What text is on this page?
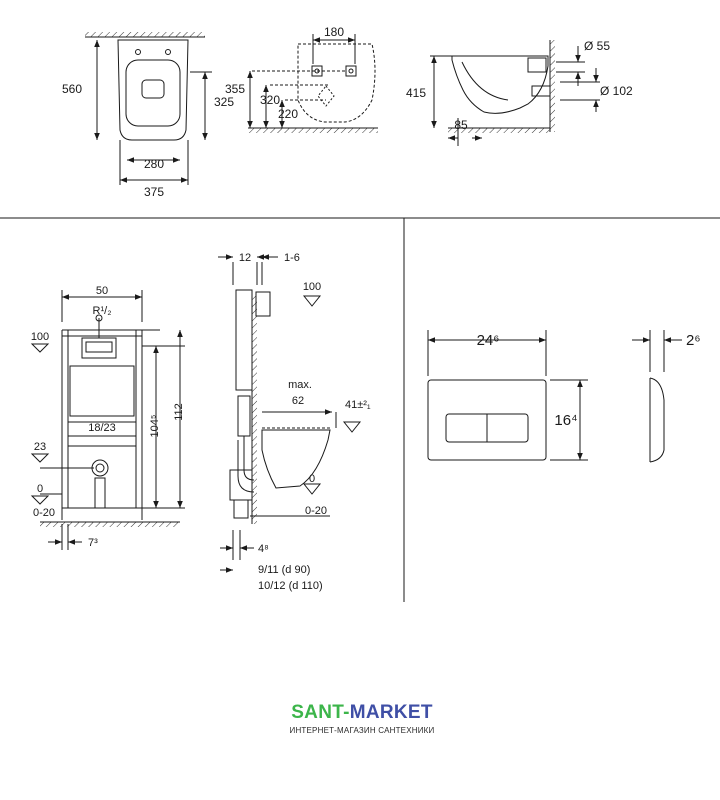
560
325
280
375
180
355
320
220
415
Ø 55
Ø 102
85
50
R¹/₂
100
112
104⁵
18/23
23
0
0-20
7³
12	1-6
100
max.
62	41±²₁
0
0-20
4⁸
9/11 (d 90)
10/12 (d 110)
24⁶
16⁴
2⁶
SANT-MARKET
ИНТЕРНЕТ-МАГАЗИН САНТЕХНИКИ
